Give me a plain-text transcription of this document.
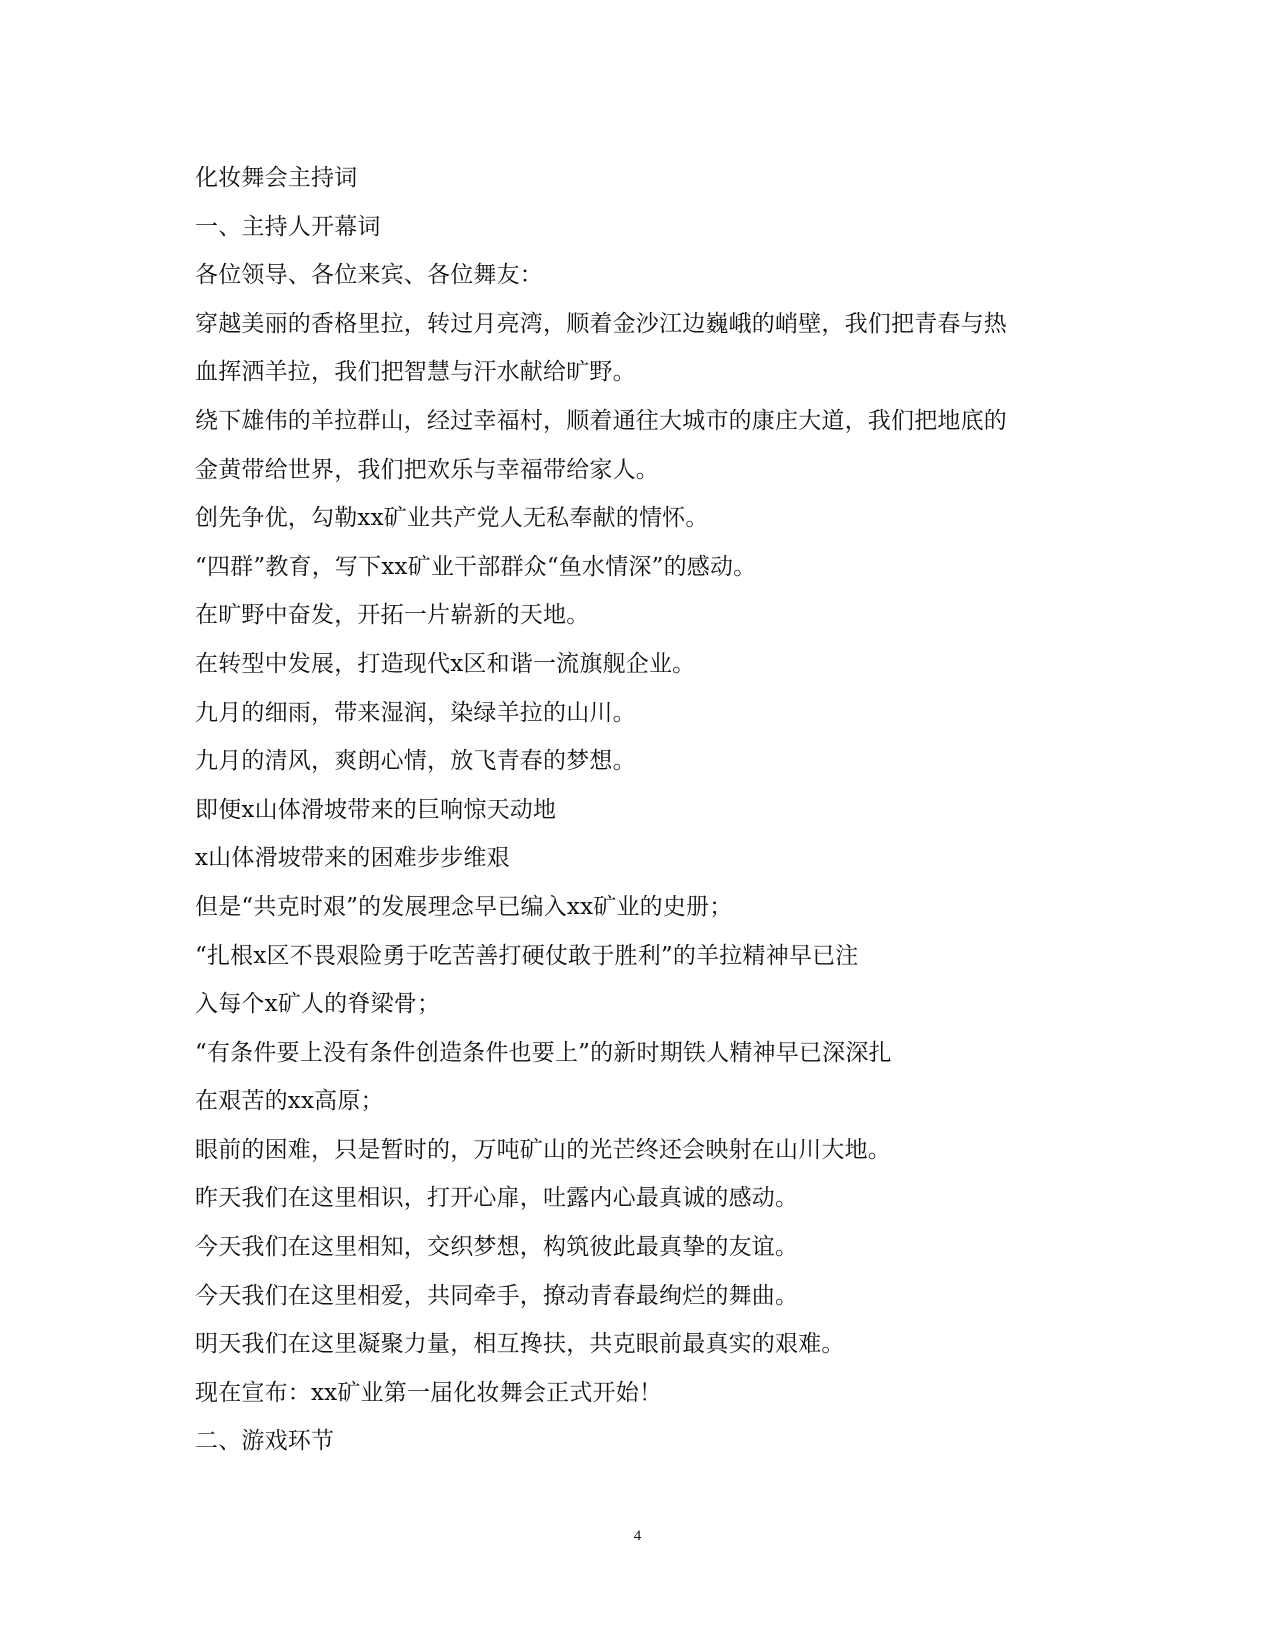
化妆舞会主持词
一、主持人开幕词
各位领导、各位来宾、各位舞友：
穿越美丽的香格里拉，转过月亮湾，顺着金沙江边巍峨的峭壁，我们把青春与热
血挥洒羊拉，我们把智慧与汗水献给旷野。
绕下雄伟的羊拉群山，经过幸福村，顺着通往大城市的康庄大道，我们把地底的
金黄带给世界，我们把欢乐与幸福带给家人。
创先争优，勾勒xx矿业共产党人无私奉献的情怀。
“四群”教育，写下xx矿业干部群众“鱼水情深”的感动。
在旷野中奋发，开拓一片崭新的天地。
在转型中发展，打造现代x区和谐一流旗舰企业。
九月的细雨，带来湿润，染绿羊拉的山川。
九月的清风，爽朗心情，放飞青春的梦想。
即便x山体滑坡带来的巨响惊天动地
x山体滑坡带来的困难步步维艰
但是“共克时艰”的发展理念早已编入xx矿业的史册；
“扎根x区不畏艰险勇于吃苦善打硬仗敢于胜利”的羊拉精神早已注
入每个x矿人的脊梁骨；
“有条件要上没有条件创造条件也要上”的新时期铁人精神早已深深扎
在艰苦的xx高原；
眼前的困难，只是暂时的，万吨矿山的光芒终还会映射在山川大地。
昨天我们在这里相识，打开心扉，吐露内心最真诚的感动。
今天我们在这里相知，交织梦想，构筑彼此最真挚的友谊。
今天我们在这里相爱，共同牵手，撩动青春最绚烂的舞曲。
明天我们在这里凝聚力量，相互搀扶，共克眼前最真实的艰难。
现在宣布：xx矿业第一届化妆舞会正式开始！
二、游戏环节
4
